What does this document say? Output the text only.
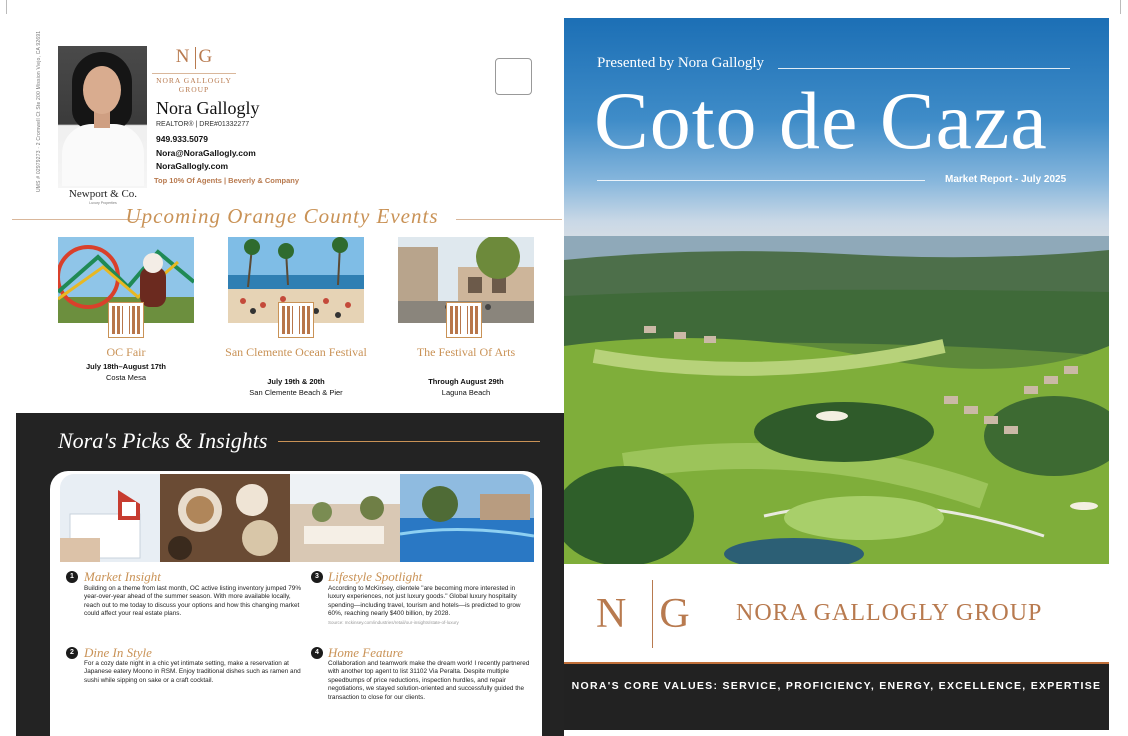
UMS # 02979273 · 2 Cromwell Ct Ste 200 Mission Viejo, CA 92691
Newport & Co.
Luxury Properties
N G
NORA GALLOGLY
GROUP
Nora Gallogly
REALTOR® | DRE#01332277
949.933.5079
Nora@NoraGallogly.com
NoraGallogly.com
Top 10% Of Agents | Beverly & Company
Upcoming Orange County Events
OC Fair
July 18th–August 17th
Costa Mesa
San Clemente Ocean Festival
July 19th & 20th
San Clemente Beach & Pier
The Festival Of Arts
Through August 29th
Laguna Beach
Nora's Picks & Insights
1 Market Insight
Building on a theme from last month, OC active listing inventory jumped 79% year-over-year ahead of the summer season. With more available locally, reach out to me today to discuss your options and how this changing market could affect your real estate plans.
2 Dine In Style
For a cozy date night in a chic yet intimate setting, make a reservation at Japanese eatery Moono in RSM. Enjoy traditional dishes such as ramen and sushi while sipping on sake or a craft cocktail.
3 Lifestyle Spotlight
According to McKinsey, clientele "are becoming more interested in luxury experiences, not just luxury goods." Global luxury hospitality spending—including travel, tourism and hotels—is predicted to grow 60%, reaching nearly $400 billion, by 2028.
Source: mckinsey.com/industries/retail/our-insights/state-of-luxury
4 Home Feature
Collaboration and teamwork make the dream work! I recently partnered with another top agent to list 31102 Via Peralta. Despite multiple speedbumps of price reductions, inspection hurdles, and repair negotiations, we stayed solution-oriented and successfully guided the transaction to close for our clients.
Presented by Nora Gallogly
Coto de Caza
Market Report - July 2025
N G	NORA GALLOGLY GROUP
NORA'S CORE VALUES: SERVICE, PROFICIENCY, ENERGY, EXCELLENCE, EXPERTISE
